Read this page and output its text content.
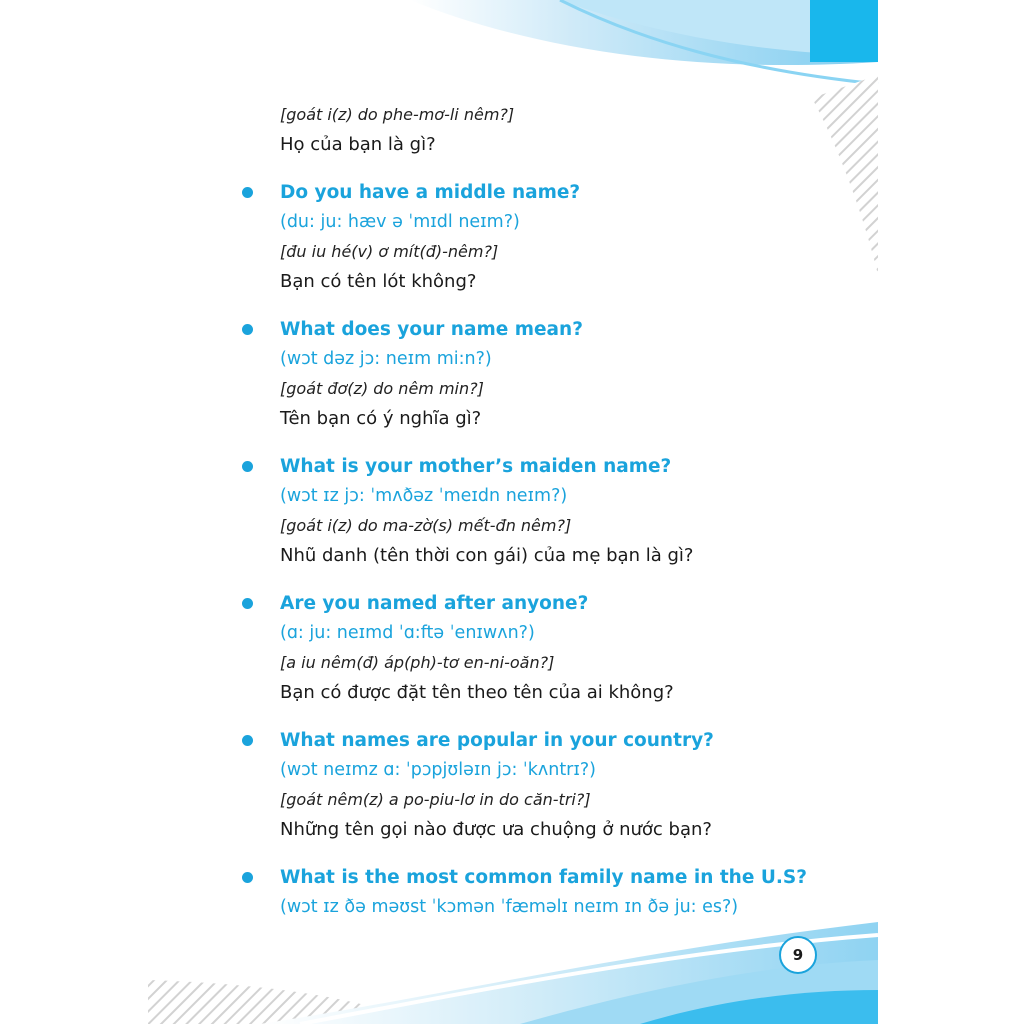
[goát i(z) do phe-mơ-li nêm?]
Họ của bạn là gì?
Do you have a middle name?
(du: ju: hæv ə ˈmɪdl neɪm?)
[đu iu hé(v) ơ mít(đ)-nêm?]
Bạn có tên lót không?
What does your name mean?
(wɔt dəz jɔ: neɪm mi:n?)
[goát đơ(z) do nêm min?]
Tên bạn có ý nghĩa gì?
What is your mother’s maiden name?
(wɔt ɪz jɔ: ˈmʌðəz ˈmeɪdn neɪm?)
[goát i(z) do ma-zờ(s) mết-đn nêm?]
Nhũ danh (tên thời con gái) của mẹ bạn là gì?
Are you named after anyone?
(ɑ: ju: neɪmd ˈɑ:ftə ˈenɪwʌn?)
[a iu nêm(đ) áp(ph)-tơ en-ni-oăn?]
Bạn có được đặt tên theo tên của ai không?
What names are popular in your country?
(wɔt neɪmz ɑ: ˈpɔpjʊləɪn jɔ: ˈkʌntrɪ?)
[goát nêm(z) a po-piu-lơ in do căn-tri?]
Những tên gọi nào được ưa chuộng ở nước bạn?
What is the most common family name in the U.S?
(wɔt ɪz ðə məʊst ˈkɔmən ˈfæməlɪ neɪm ɪn ðə ju: es?)
9
